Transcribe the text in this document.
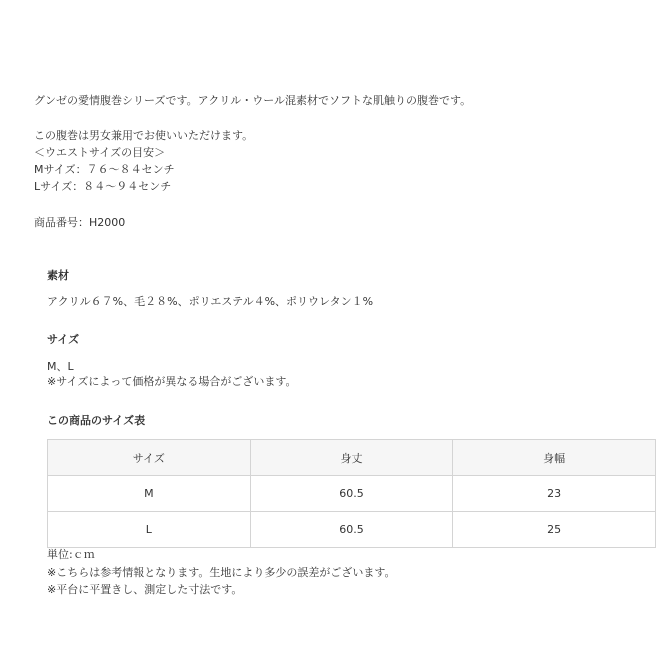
グンゼの愛情腹巻シリーズです。アクリル・ウール混素材でソフトな肌触りの腹巻です。
この腹巻は男女兼用でお使いいただけます。
＜ウエストサイズの目安＞
Mサイズ：７６～８４センチ
Lサイズ：８４～９４センチ
商品番号：H2000
素材
アクリル６７%、毛２８%、ポリエステル４%、ポリウレタン１%
サイズ
M、L
※サイズによって価格が異なる場合がございます。
この商品のサイズ表
サイズ	身丈	身幅
M	60.5	23
L	60.5	25
単位:ｃｍ
※こちらは参考情報となります。生地により多少の誤差がございます。
※平台に平置きし、測定した寸法です。
